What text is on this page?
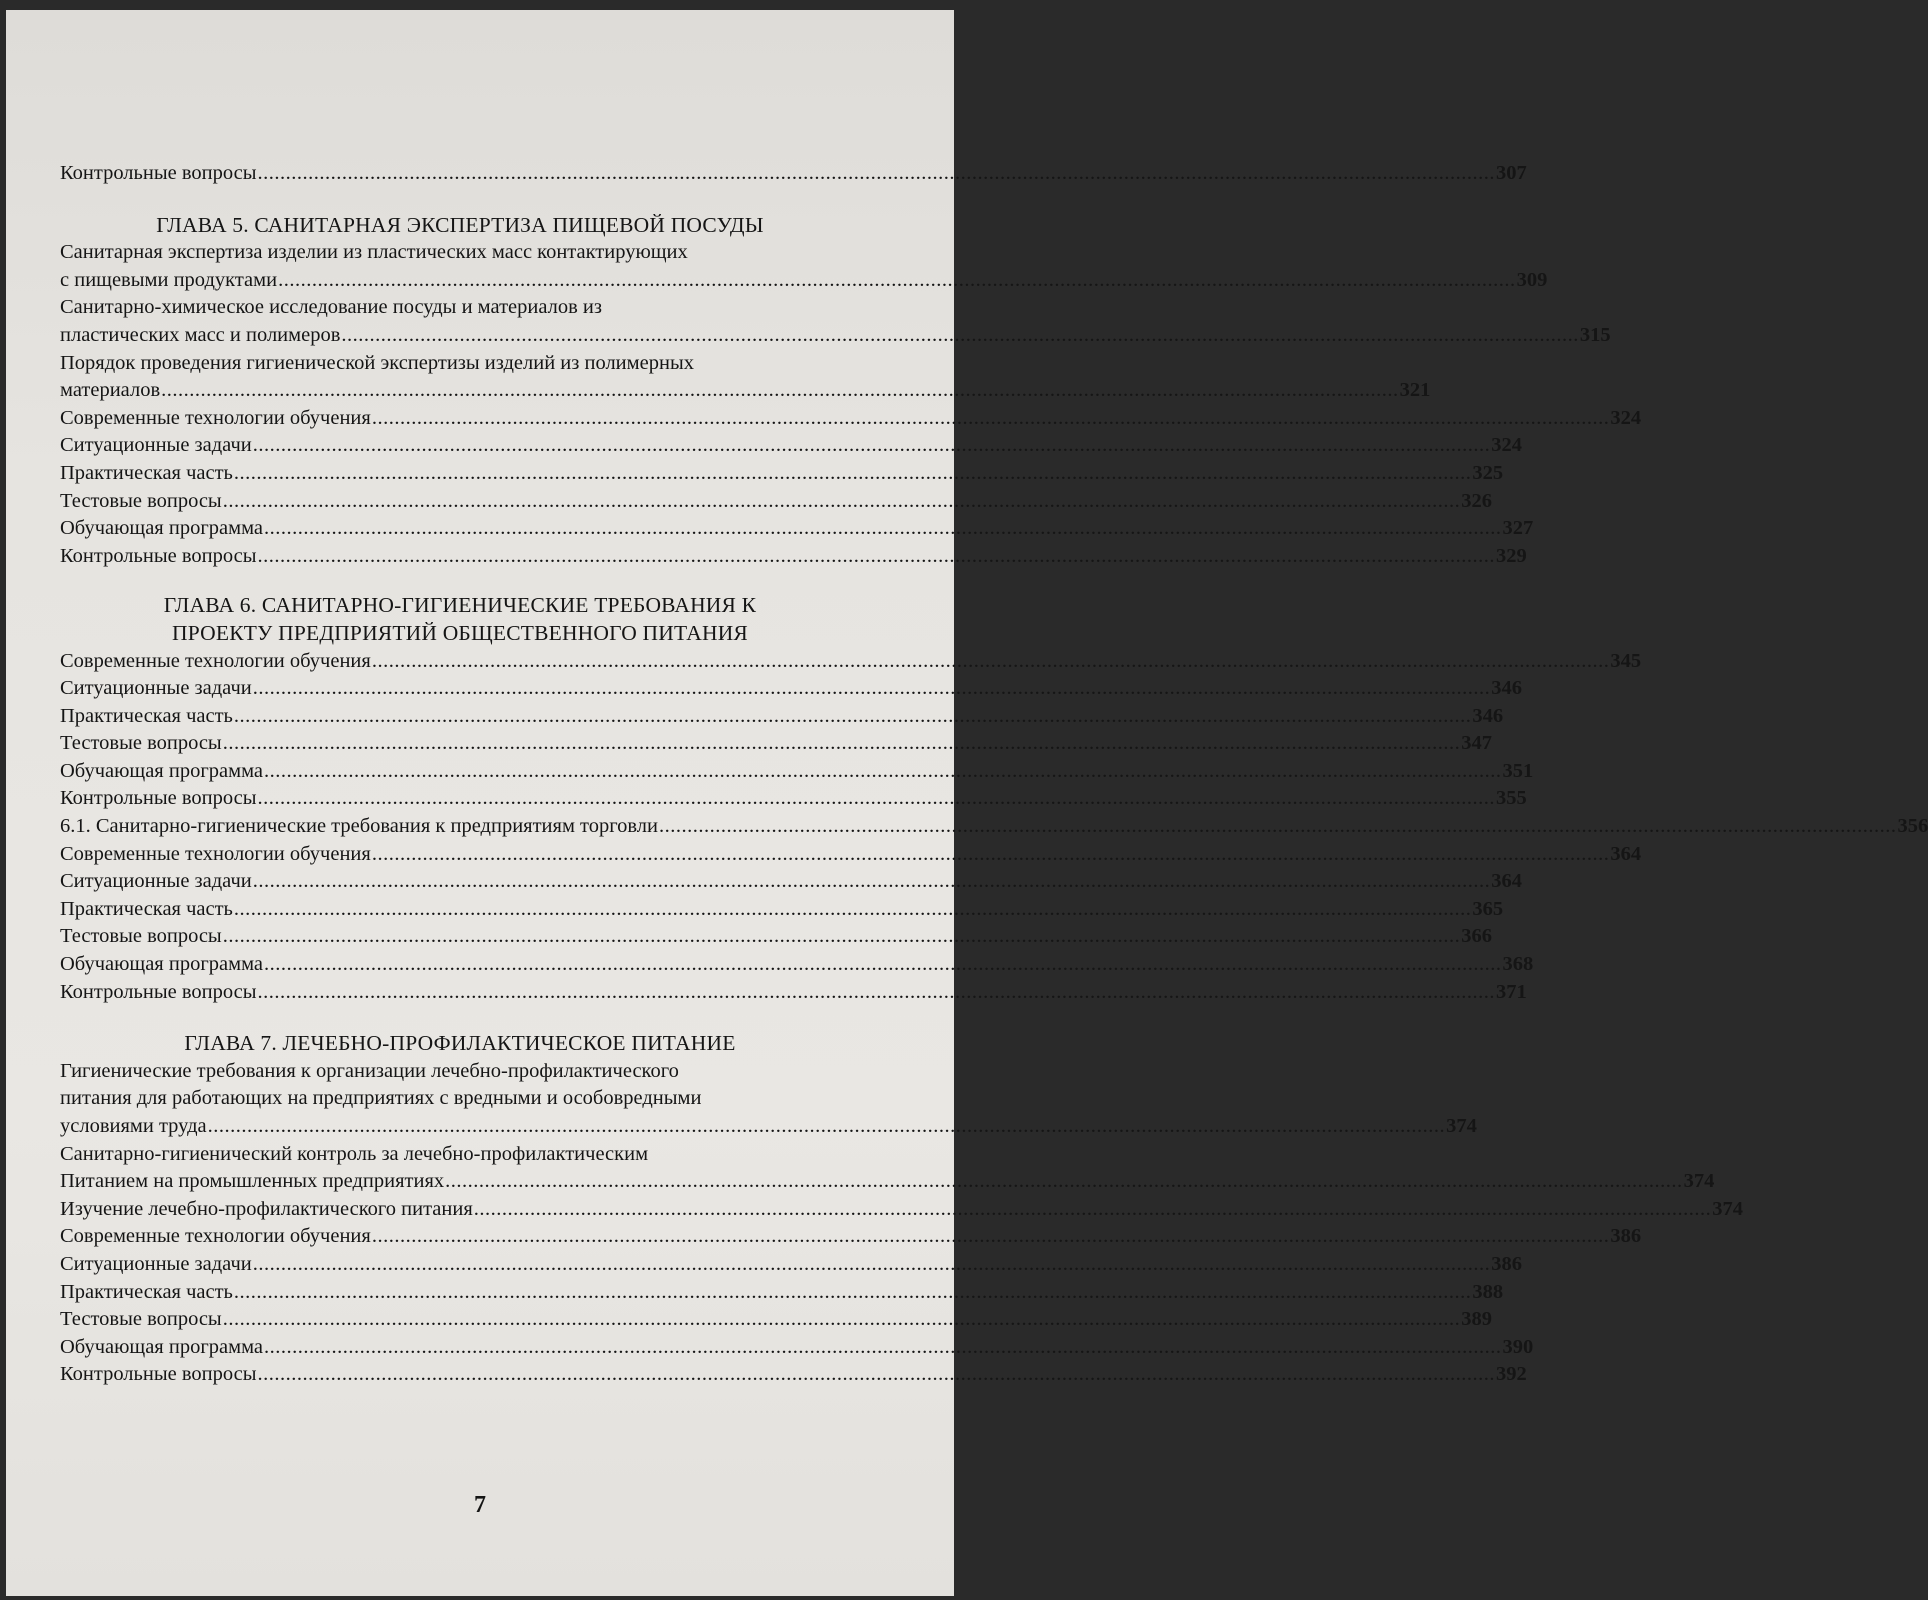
Контрольные вопросы ............................................................................................................................................................................................................................ 307
ГЛАВА 5. САНИТАРНАЯ ЭКСПЕРТИЗА ПИЩЕВОЙ ПОСУДЫ
Санитарная экспертиза изделии из пластических масс контактирующих
с пищевыми продуктами ............................................................................................................................................................................................................................ 309
Санитарно-химическое исследование посуды и материалов из
пластических масс и полимеров ............................................................................................................................................................................................................................ 315
Порядок проведения гигиенической экспертизы изделий из полимерных
материалов ............................................................................................................................................................................................................................ 321
Современные технологии обучения ............................................................................................................................................................................................................................ 324
Ситуационные задачи ............................................................................................................................................................................................................................ 324
Практическая часть ............................................................................................................................................................................................................................ 325
Тестовые вопросы ............................................................................................................................................................................................................................ 326
Обучающая программа ............................................................................................................................................................................................................................ 327
Контрольные вопросы ............................................................................................................................................................................................................................ 329
ГЛАВА 6. САНИТАРНО-ГИГИЕНИЧЕСКИЕ ТРЕБОВАНИЯ К
ПРОЕКТУ ПРЕДПРИЯТИЙ ОБЩЕСТВЕННОГО ПИТАНИЯ
Современные технологии обучения ............................................................................................................................................................................................................................ 345
Ситуационные задачи ............................................................................................................................................................................................................................ 346
Практическая часть ............................................................................................................................................................................................................................ 346
Тестовые вопросы ............................................................................................................................................................................................................................ 347
Обучающая программа ............................................................................................................................................................................................................................ 351
Контрольные вопросы ............................................................................................................................................................................................................................ 355
6.1. Санитарно-гигиенические требования к предприятиям торговли ............................................................................................................................................................................................................................ 356
Современные технологии обучения ............................................................................................................................................................................................................................ 364
Ситуационные задачи ............................................................................................................................................................................................................................ 364
Практическая часть ............................................................................................................................................................................................................................ 365
Тестовые вопросы ............................................................................................................................................................................................................................ 366
Обучающая программа ............................................................................................................................................................................................................................ 368
Контрольные вопросы ............................................................................................................................................................................................................................ 371
ГЛАВА 7. ЛЕЧЕБНО-ПРОФИЛАКТИЧЕСКОЕ ПИТАНИЕ
Гигиенические требования к организации лечебно-профилактического
питания для работающих на предприятиях с вредными и особовредными
условиями труда ............................................................................................................................................................................................................................ 374
Санитарно-гигиенический контроль за лечебно-профилактическим
Питанием на промышленных предприятиях ............................................................................................................................................................................................................................ 374
Изучение лечебно-профилактического питания ............................................................................................................................................................................................................................ 374
Современные технологии обучения ............................................................................................................................................................................................................................ 386
Ситуационные задачи ............................................................................................................................................................................................................................ 386
Практическая часть ............................................................................................................................................................................................................................ 388
Тестовые вопросы ............................................................................................................................................................................................................................ 389
Обучающая программа ............................................................................................................................................................................................................................ 390
Контрольные вопросы ............................................................................................................................................................................................................................ 392
7
